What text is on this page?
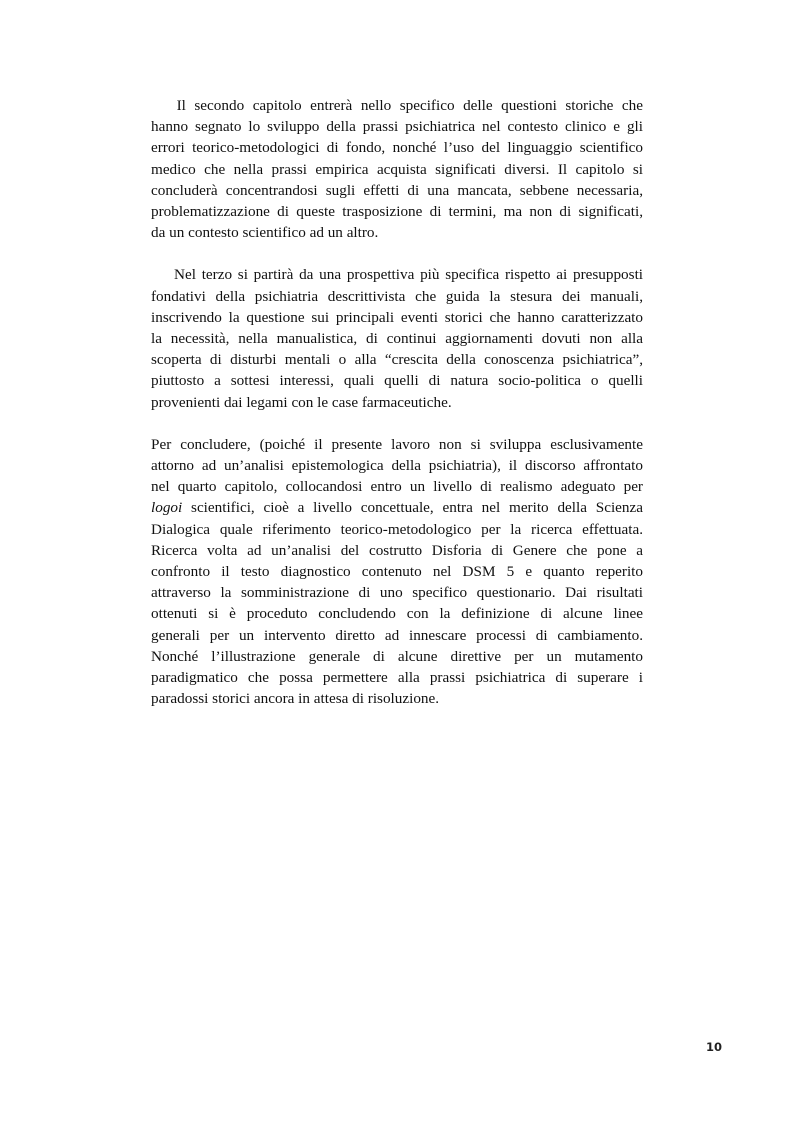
Il secondo capitolo entrerà nello specifico delle questioni storiche che
hanno segnato lo sviluppo della prassi psichiatrica nel contesto clinico e gli
errori teorico-metodologici di fondo, nonché l’uso del linguaggio scientifico
medico che nella prassi empirica acquista significati diversi. Il capitolo si
concluderà concentrandosi sugli effetti di una mancata, sebbene necessaria,
problematizzazione di queste trasposizione di termini, ma non di significati,
da un contesto scientifico ad un altro.
Nel terzo si partirà da una prospettiva più specifica rispetto ai presupposti
fondativi della psichiatria descrittivista che guida la stesura dei manuali,
inscrivendo la questione sui principali eventi storici che hanno caratterizzato
la necessità, nella manualistica, di continui aggiornamenti dovuti non alla
scoperta di disturbi mentali o alla “crescita della conoscenza psichiatrica”,
piuttosto a sottesi interessi, quali quelli di natura socio-politica o quelli
provenienti dai legami con le case farmaceutiche.
Per concludere, (poiché il presente lavoro non si sviluppa esclusivamente
attorno ad un’analisi epistemologica della psichiatria), il discorso affrontato
nel quarto capitolo, collocandosi entro un livello di realismo adeguato per
logoi scientifici, cioè a livello concettuale, entra nel merito della Scienza
Dialogica quale riferimento teorico-metodologico per la ricerca effettuata.
Ricerca volta ad un’analisi del costrutto Disforia di Genere che pone a
confronto il testo diagnostico contenuto nel DSM 5 e quanto reperito
attraverso la somministrazione di uno specifico questionario. Dai risultati
ottenuti si è proceduto concludendo con la definizione di alcune linee
generali per un intervento diretto ad innescare processi di cambiamento.
Nonché l’illustrazione generale di alcune direttive per un mutamento
paradigmatico che possa permettere alla prassi psichiatrica di superare i
paradossi storici ancora in attesa di risoluzione.
10
